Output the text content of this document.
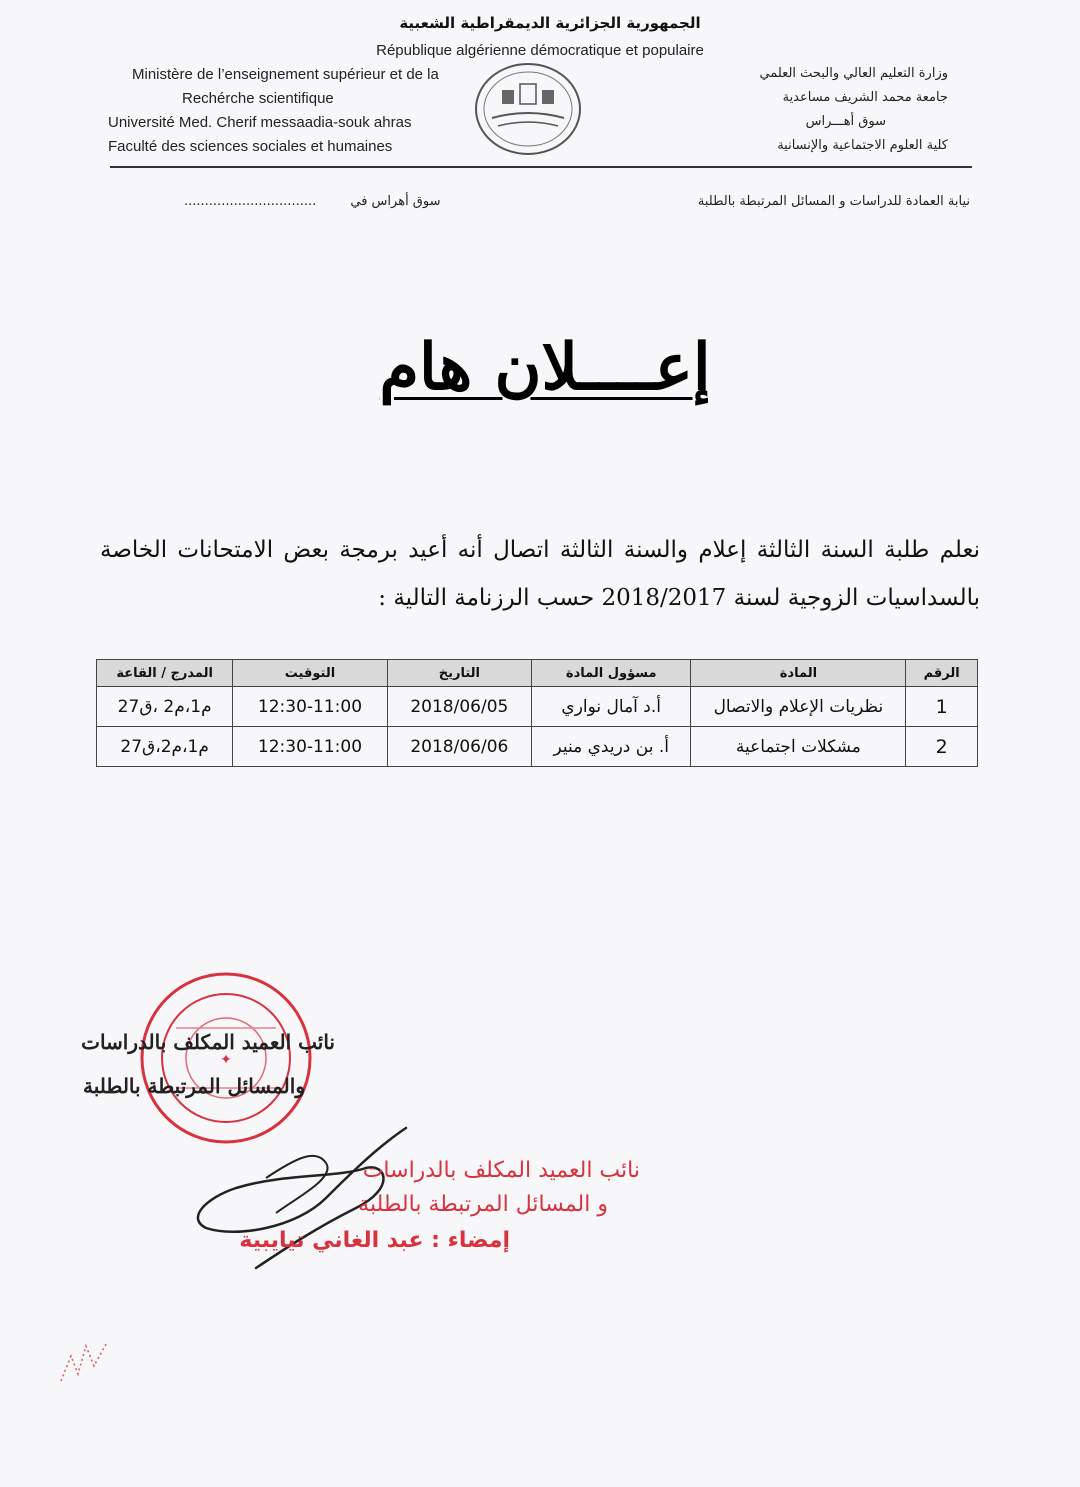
الجمهورية الجزائرية الديمقراطية الشعبية
République algérienne démocratique et populaire
Ministère de l’enseignement supérieur et de la
Rechérche scientifique
Université Med. Cherif messaadia-souk ahras
Faculté des sciences sociales et humaines
وزارة التعليم العالي والبحث العلمي
جامعة محمد الشريف مساعدية
سوق أهـــراس
كلية العلوم الاجتماعية والإنسانية
نيابة العمادة للدراسات و المسائل المرتبطة بالطلبة
................................	سوق أهراس في
إعــــلان هام
نعلم طلبة السنة الثالثة إعلام والسنة الثالثة اتصال أنه أعيد برمجة بعض الامتحانات الخاصة بالسداسيات الزوجية لسنة 2018/2017 حسب الرزنامة التالية :
الرقم	المادة	مسؤول المادة	التاريخ	التوقيت	المدرج / القاعة
1	نظريات الإعلام والاتصال	أ.د آمال نواري	2018/06/05	12:30-11:00	م1،م2 ،ق27
2	مشكلات اجتماعية	أ. بن دريدي منير	2018/06/06	12:30-11:00	م1،م2،ق27
✦
نائب العميد المكلف بالدراسات
والمسائل المرتبطة بالطلبة
نائب العميد المكلف بالدراسات
و المسائل المرتبطة بالطلبة
إمضاء : عبد الغاني تيايبية
